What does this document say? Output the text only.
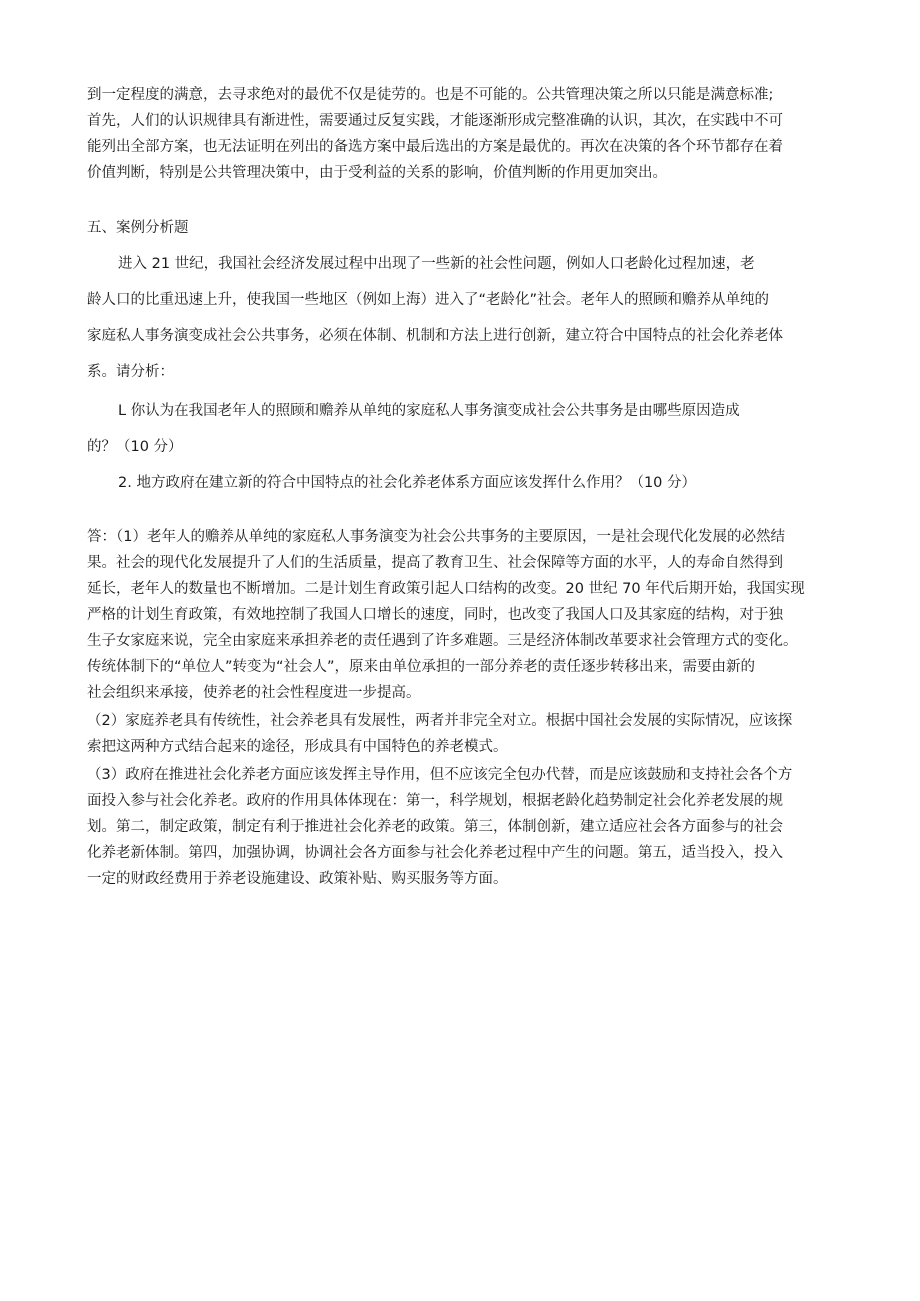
到一定程度的满意，去寻求绝对的最优不仅是徒劳的。也是不可能的。公共管理决策之所以只能是满意标准;
首先，人们的认识规律具有渐进性，需要通过反复实践，才能逐渐形成完整准确的认识，其次，在实践中不可
能列出全部方案，也无法证明在列出的备选方案中最后选出的方案是最优的。再次在决策的各个环节都存在着
价值判断，特别是公共管理决策中，由于受利益的关系的影响，价值判断的作用更加突出。
五、案例分析题
进入 21 世纪，我国社会经济发展过程中出现了一些新的社会性问题，例如人口老龄化过程加速，老
龄人口的比重迅速上升，使我国一些地区（例如上海）进入了“老龄化”社会。老年人的照顾和赡养从单纯的
家庭私人事务演变成社会公共事务，必须在体制、机制和方法上进行创新，建立符合中国特点的社会化养老体
系。请分析：
L 你认为在我国老年人的照顾和赡养从单纯的家庭私人事务演变成社会公共事务是由哪些原因造成
的？（10 分）
2. 地方政府在建立新的符合中国特点的社会化养老体系方面应该发挥什么作用？（10 分）
答：（1）老年人的赡养从单纯的家庭私人事务演变为社会公共事务的主要原因，一是社会现代化发展的必然结
果。社会的现代化发展提升了人们的生活质量，提高了教育卫生、社会保障等方面的水平，人的寿命自然得到
延长，老年人的数量也不断增加。二是计划生育政策引起人口结构的改变。20 世纪 70 年代后期开始，我国实现
严格的计划生育政策，有效地控制了我国人口增长的速度，同时，也改变了我国人口及其家庭的结构，对于独
生子女家庭来说，完全由家庭来承担养老的责任遇到了许多难题。三是经济体制改革要求社会管理方式的变化。
传统体制下的“单位人”转变为“社会人”，原来由单位承担的一部分养老的责任逐步转移出来，需要由新的
社会组织来承接，使养老的社会性程度进一步提高。
（2）家庭养老具有传统性，社会养老具有发展性，两者并非完全对立。根据中国社会发展的实际情况，应该探
索把这两种方式结合起来的途径，形成具有中国特色的养老模式。
（3）政府在推进社会化养老方面应该发挥主导作用，但不应该完全包办代替，而是应该鼓励和支持社会各个方
面投入参与社会化养老。政府的作用具体体现在：第一，科学规划，根据老龄化趋势制定社会化养老发展的规
划。第二，制定政策，制定有利于推进社会化养老的政策。第三，体制创新，建立适应社会各方面参与的社会
化养老新体制。第四，加强协调，协调社会各方面参与社会化养老过程中产生的问题。第五，适当投入，投入
一定的财政经费用于养老设施建设、政策补贴、购买服务等方面。
